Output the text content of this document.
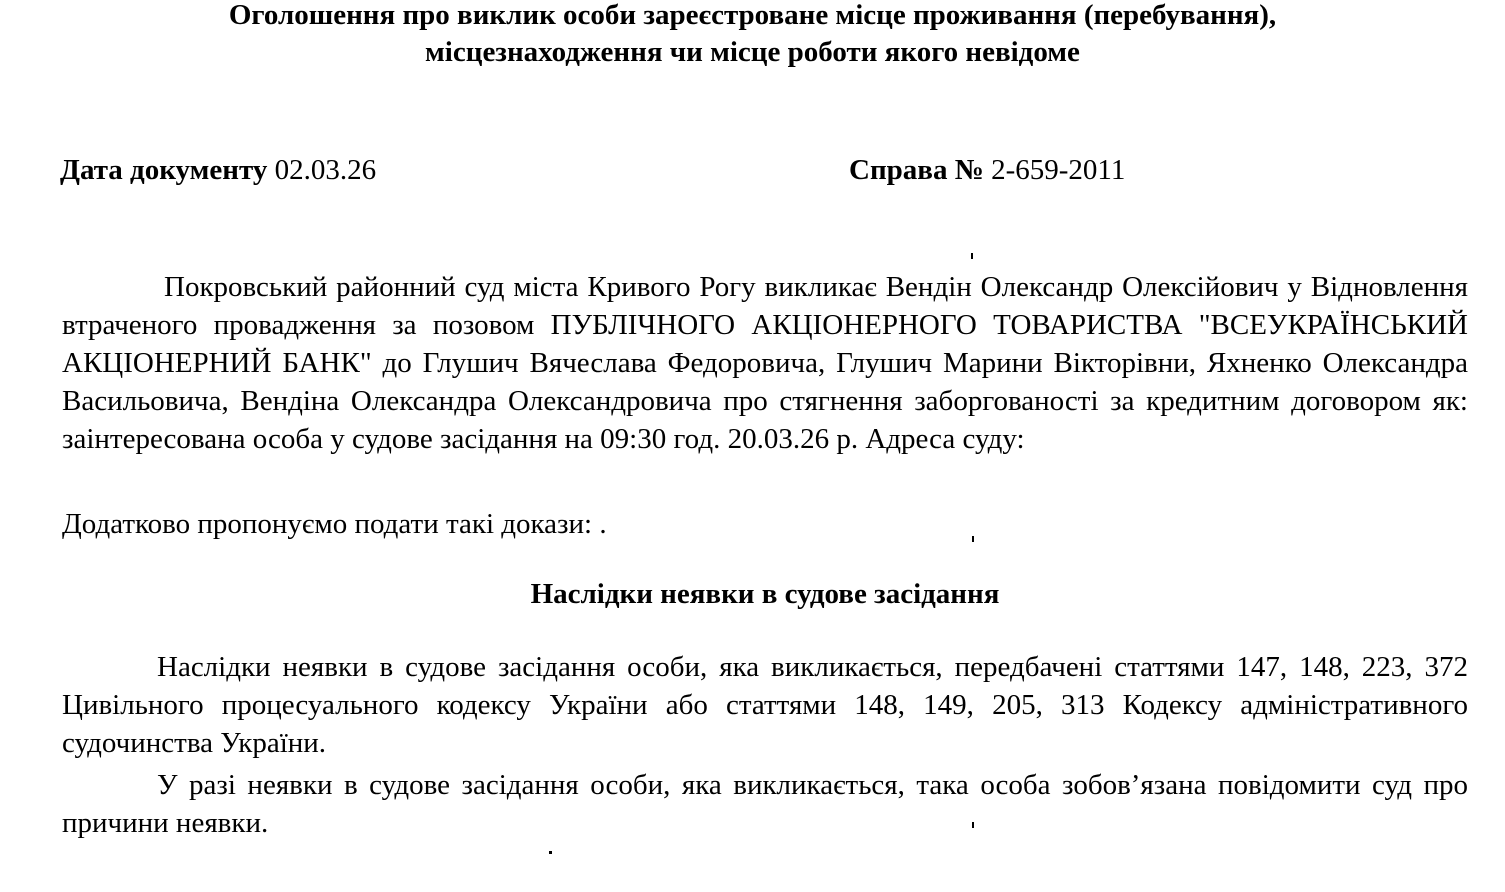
Оголошення про виклик особи зареєстроване місце проживання (перебування),

місцезнаходження чи місце роботи якого невідоме

Дата документу 02.03.26	Справа № 2-659-2011

Покровський районний суд міста Кривого Рогу викликає Вендін Олександр Олексійович у Відновлення втраченого провадження за позовом ПУБЛІЧНОГО АКЦІОНЕРНОГО ТОВАРИСТВА "ВСЕУКРАЇНСЬКИЙ АКЦІОНЕРНИЙ БАНК" до Глушич Вячеслава Федоровича, Глушич Марини Вікторівни, Яхненко Олександра Васильовича, Вендіна Олександра Олександровича про стягнення заборгованості за кредитним договором як: заінтересована особа у судове засідання на 09:30 год. 20.03.26 р. Адреса суду:

Додатково пропонуємо подати такі докази: .

Наслідки неявки в судове засідання

Наслідки неявки в судове засідання особи, яка викликається, передбачені статтями 147, 148, 223, 372 Цивільного процесуального кодексу України або статтями 148, 149, 205, 313 Кодексу адміністративного судочинства України.

У разі неявки в судове засідання особи, яка викликається, така особа зобов’язана повідомити суд про причини неявки.
